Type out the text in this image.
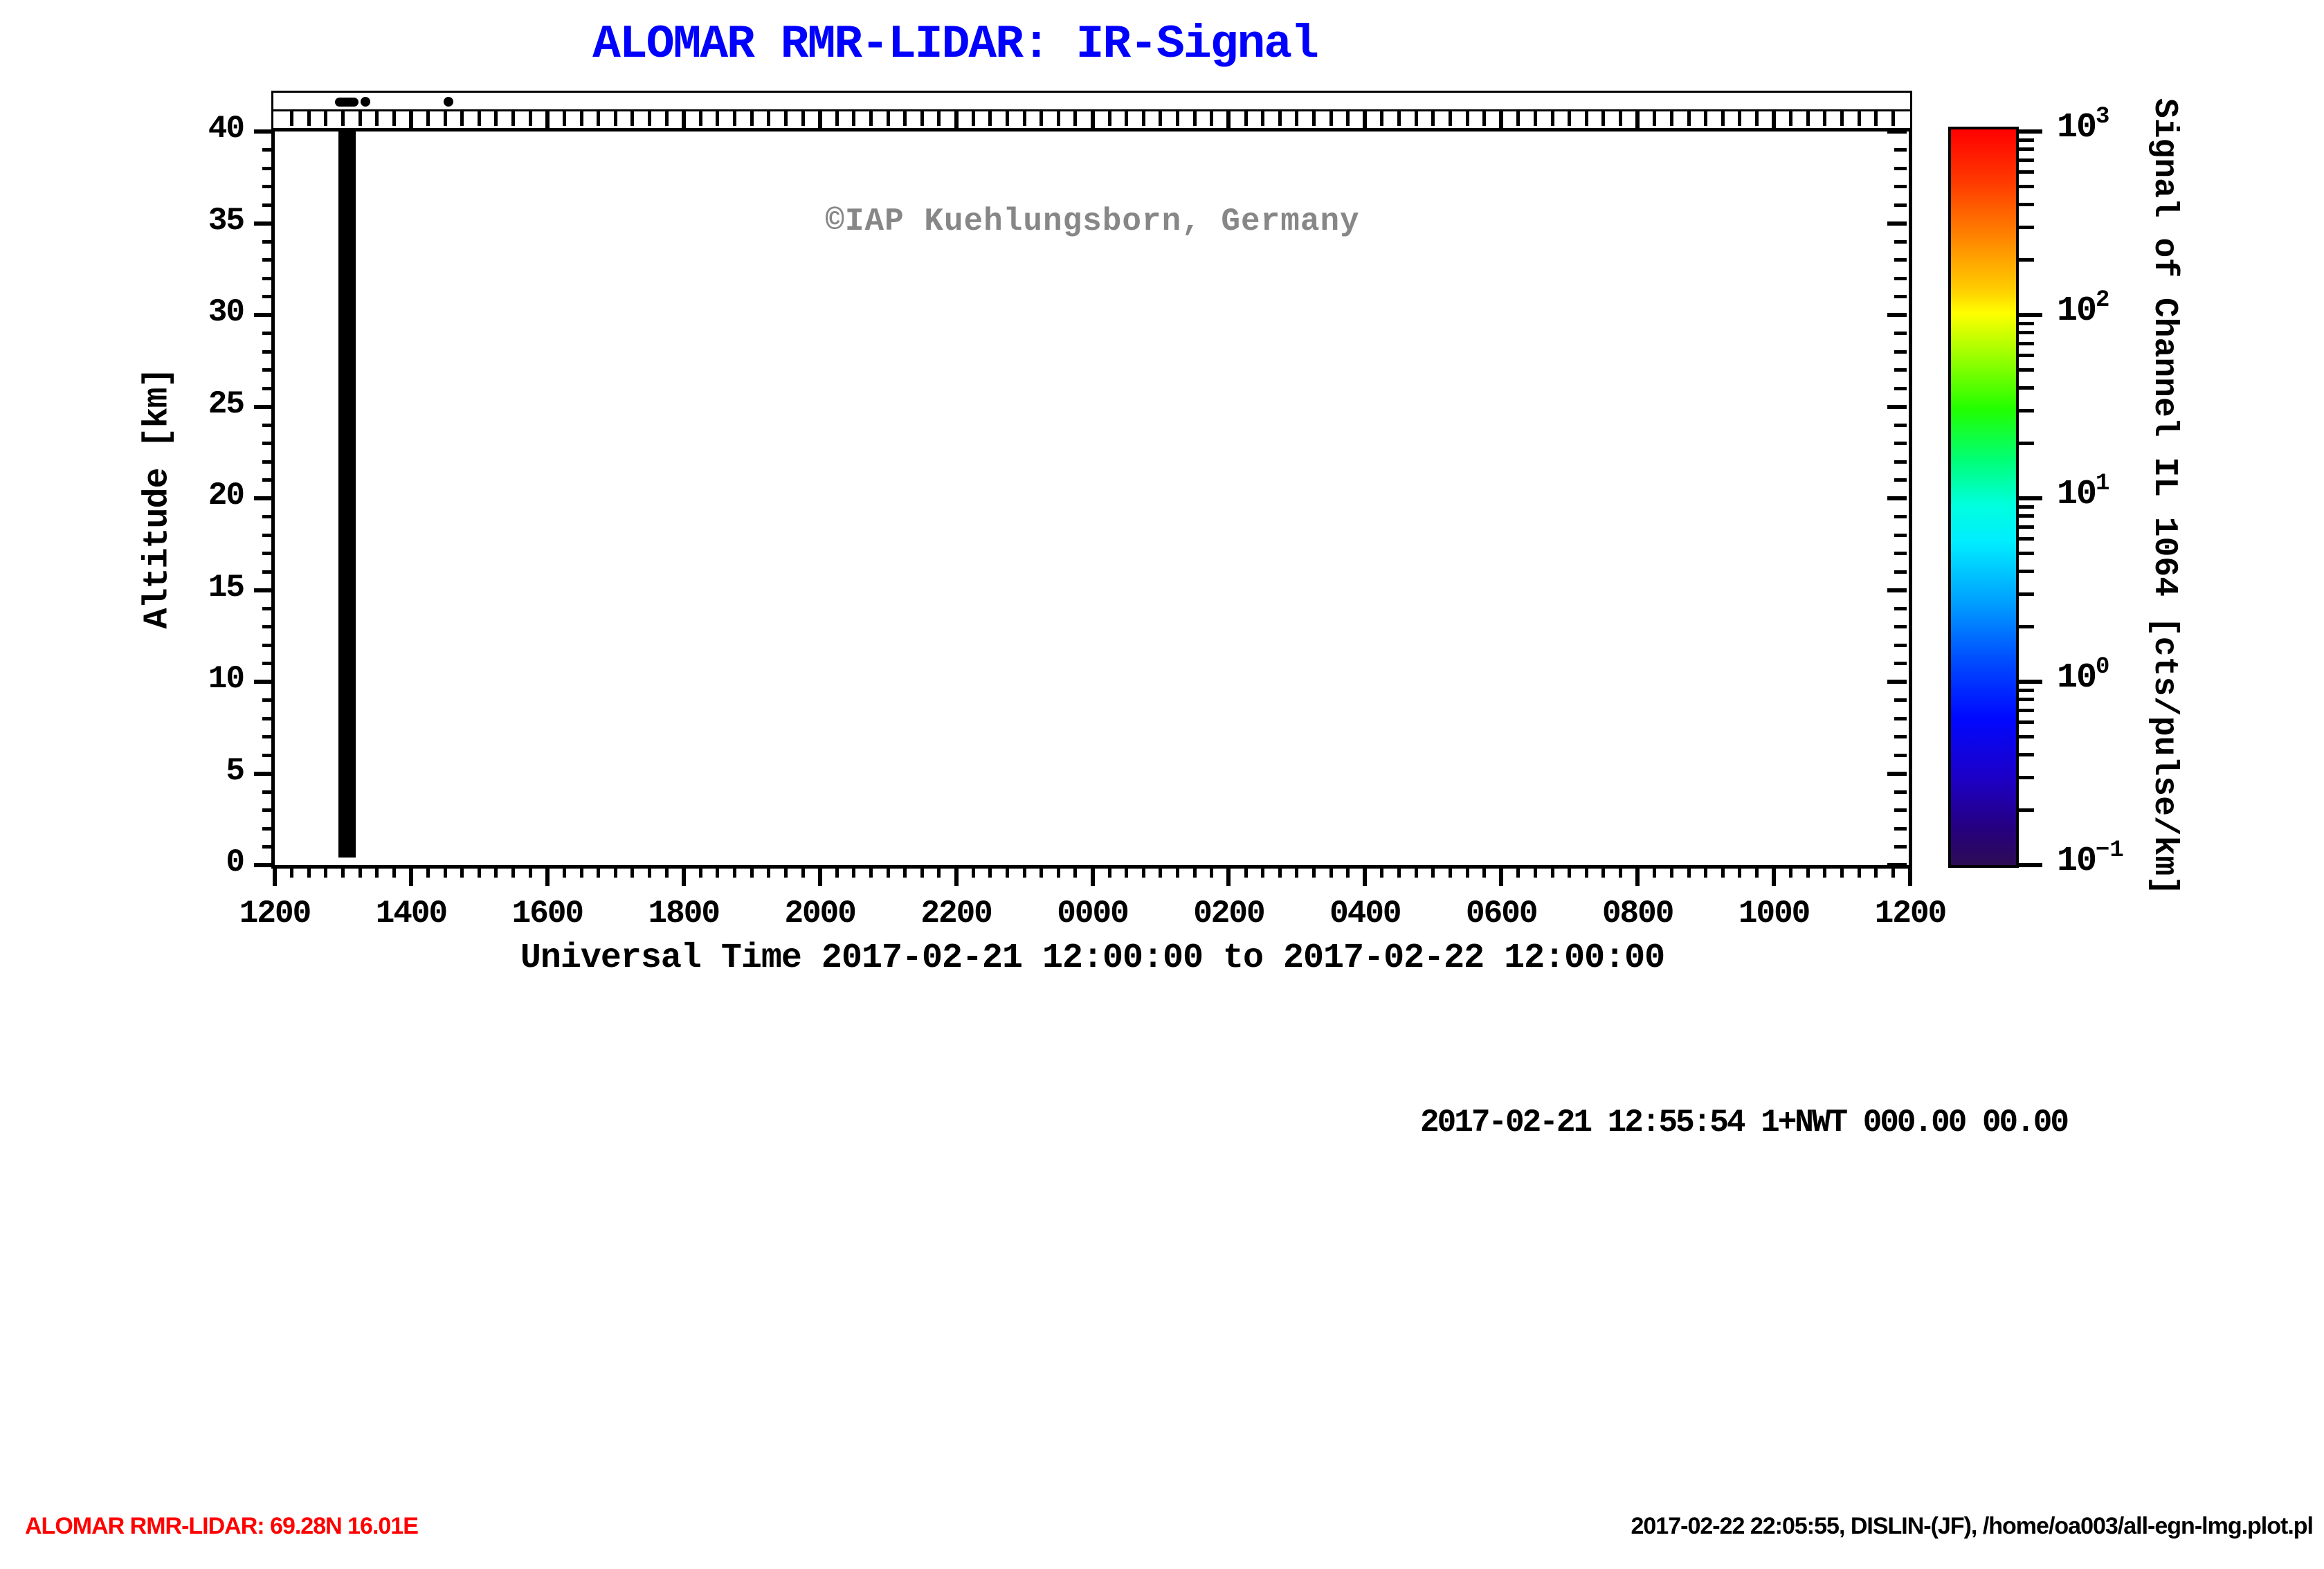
ALOMAR RMR-LIDAR: IR-Signal
©IAP Kuehlungsborn, Germany
Altitude [km]
Universal Time 2017-02-21 12:00:00 to 2017-02-22 12:00:00
Signal of Channel IL 1064 [cts/pulse/km]
2017-02-21 12:55:54 1+NWT 000.00 00.00
ALOMAR RMR-LIDAR: 69.28N 16.01E	2017-02-22 22:05:55, DISLIN-(JF), /home/oa003/all-egn-lmg.plot.pl
1200	1400	1600	1800	2000	2200	0000	0200	0400	0600	0800	1000	1200
40
35
30
25
20
15
10
5
0
$10^3$
$10^2$
$10^1$
$10^0$
$10^{-1}$
